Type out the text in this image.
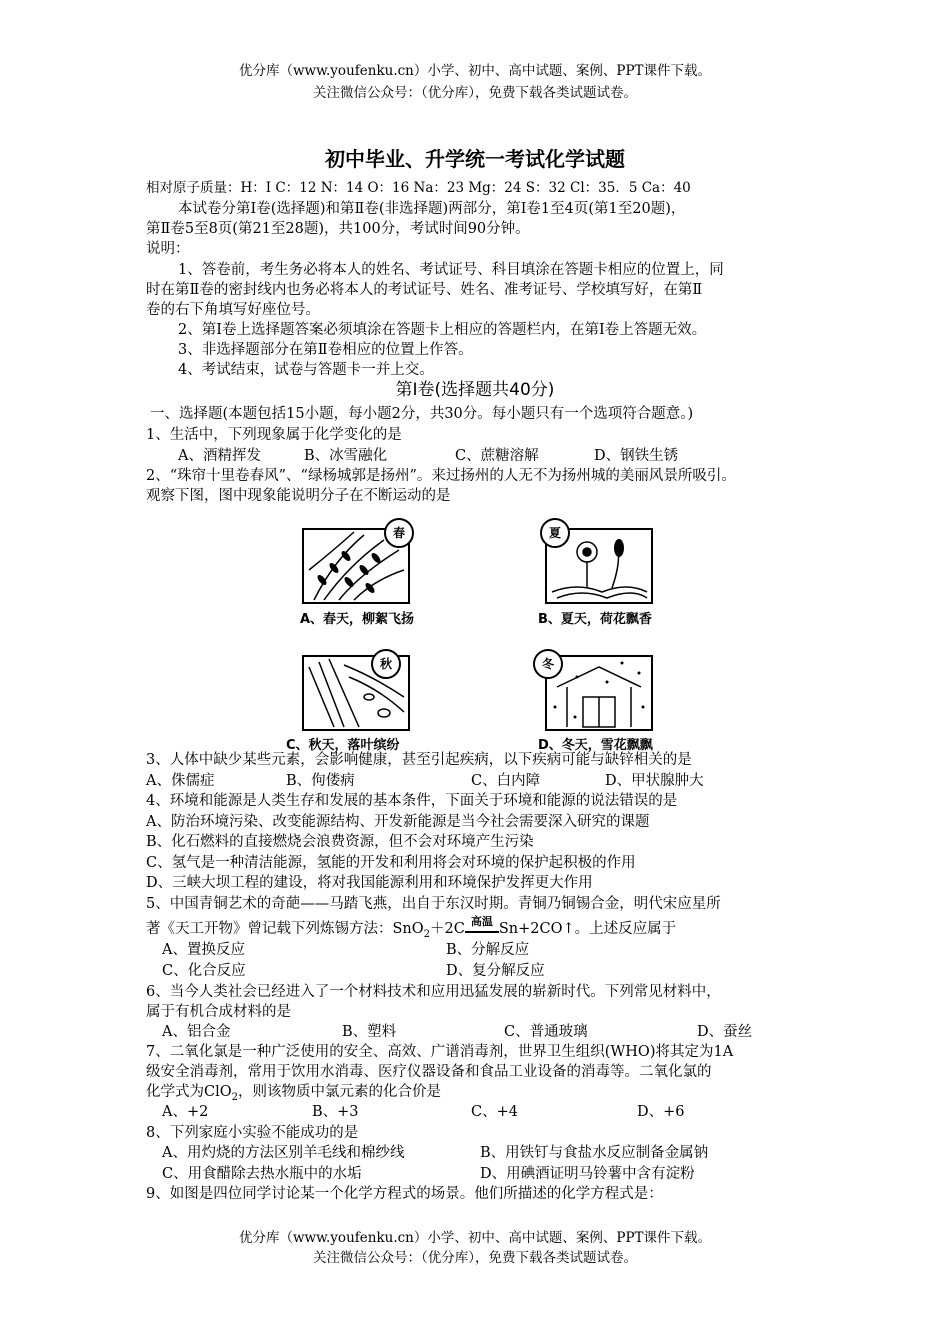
优分库（www.youfenku.cn）小学、初中、高中试题、案例、PPT课件下载。
关注微信公众号：（优分库），免费下载各类试题试卷。
初中毕业、升学统一考试化学试题
相对原子质量：H：I C：12 N：14 O：16 Na：23 Mg：24 S：32 Cl：35．5 Ca：40
本试卷分第Ⅰ卷(选择题)和第Ⅱ卷(非选择题)两部分，第Ⅰ卷1至4页(第1至20题)，
第Ⅱ卷5至8页(第21至28题)，共100分，考试时间90分钟。
说明：
1、答卷前，考生务必将本人的姓名、考试证号、科目填涂在答题卡相应的位置上，同
时在第Ⅱ卷的密封线内也务必将本人的考试证号、姓名、准考证号、学校填写好，在第Ⅱ
卷的右下角填写好座位号。
2、第Ⅰ卷上选择题答案必须填涂在答题卡上相应的答题栏内，在第Ⅰ卷上答题无效。
3、非选择题部分在第Ⅱ卷相应的位置上作答。
4、考试结束，试卷与答题卡一并上交。
第Ⅰ卷(选择题共40分)
一、选择题(本题包括15小题，每小题2分，共30分。每小题只有一个选项符合题意。)
1、生活中，下列现象属于化学变化的是
A、酒精挥发	B、冰雪融化	C、蔗糖溶解	D、钢铁生锈
2、“珠帘十里卷春风”、“绿杨城郭是扬州”。来过扬州的人无不为扬州城的美丽风景所吸引。
观察下图，图中现象能说明分子在不断运动的是
春
A、春天，柳絮飞扬
夏
B、夏天，荷花飘香
秋
C、秋天，落叶缤纷
冬
D、冬天，雪花飘飘
3、人体中缺少某些元素，会影响健康，甚至引起疾病，以下疾病可能与缺锌相关的是
A、侏儒症	B、佝偻病	C、白内障	D、甲状腺肿大
4、环境和能源是人类生存和发展的基本条件，下面关于环境和能源的说法错误的是
A、防治环境污染、改变能源结构、开发新能源是当今社会需要深入研究的课题
B、化石燃料的直接燃烧会浪费资源，但不会对环境产生污染
C、氢气是一种清洁能源，氢能的开发和利用将会对环境的保护起积极的作用
D、三峡大坝工程的建设，将对我国能源利用和环境保护发挥更大作用
5、中国青铜艺术的奇葩——马踏飞燕，出自于东汉时期。青铜乃铜锡合金，明代宋应星所
著《天工开物》曾记载下列炼锡方法：SnO$_2$＋2C 高温 Sn+2CO↑。上述反应属于
A、置换反应	B、分解反应
C、化合反应	D、复分解反应
6、当今人类社会已经进入了一个材料技术和应用迅猛发展的崭新时代。下列常见材料中，
属于有机合成材料的是
A、铝合金	B、塑料	C、普通玻璃	D、蚕丝
7、二氧化氯是一种广泛使用的安全、高效、广谱消毒剂，世界卫生组织(WHO)将其定为1A
级安全消毒剂，常用于饮用水消毒、医疗仪器设备和食品工业设备的消毒等。二氧化氯的
化学式为ClO$_2$，则该物质中氯元素的化合价是
A、+2	B、+3	C、+4	D、+6
8、下列家庭小实验不能成功的是
A、用灼烧的方法区别羊毛线和棉纱线	B、用铁钉与食盐水反应制备金属钠
C、用食醋除去热水瓶中的水垢	D、用碘酒证明马铃薯中含有淀粉
9、如图是四位同学讨论某一个化学方程式的场景。他们所描述的化学方程式是：
优分库（www.youfenku.cn）小学、初中、高中试题、案例、PPT课件下载。
关注微信公众号：（优分库），免费下载各类试题试卷。
